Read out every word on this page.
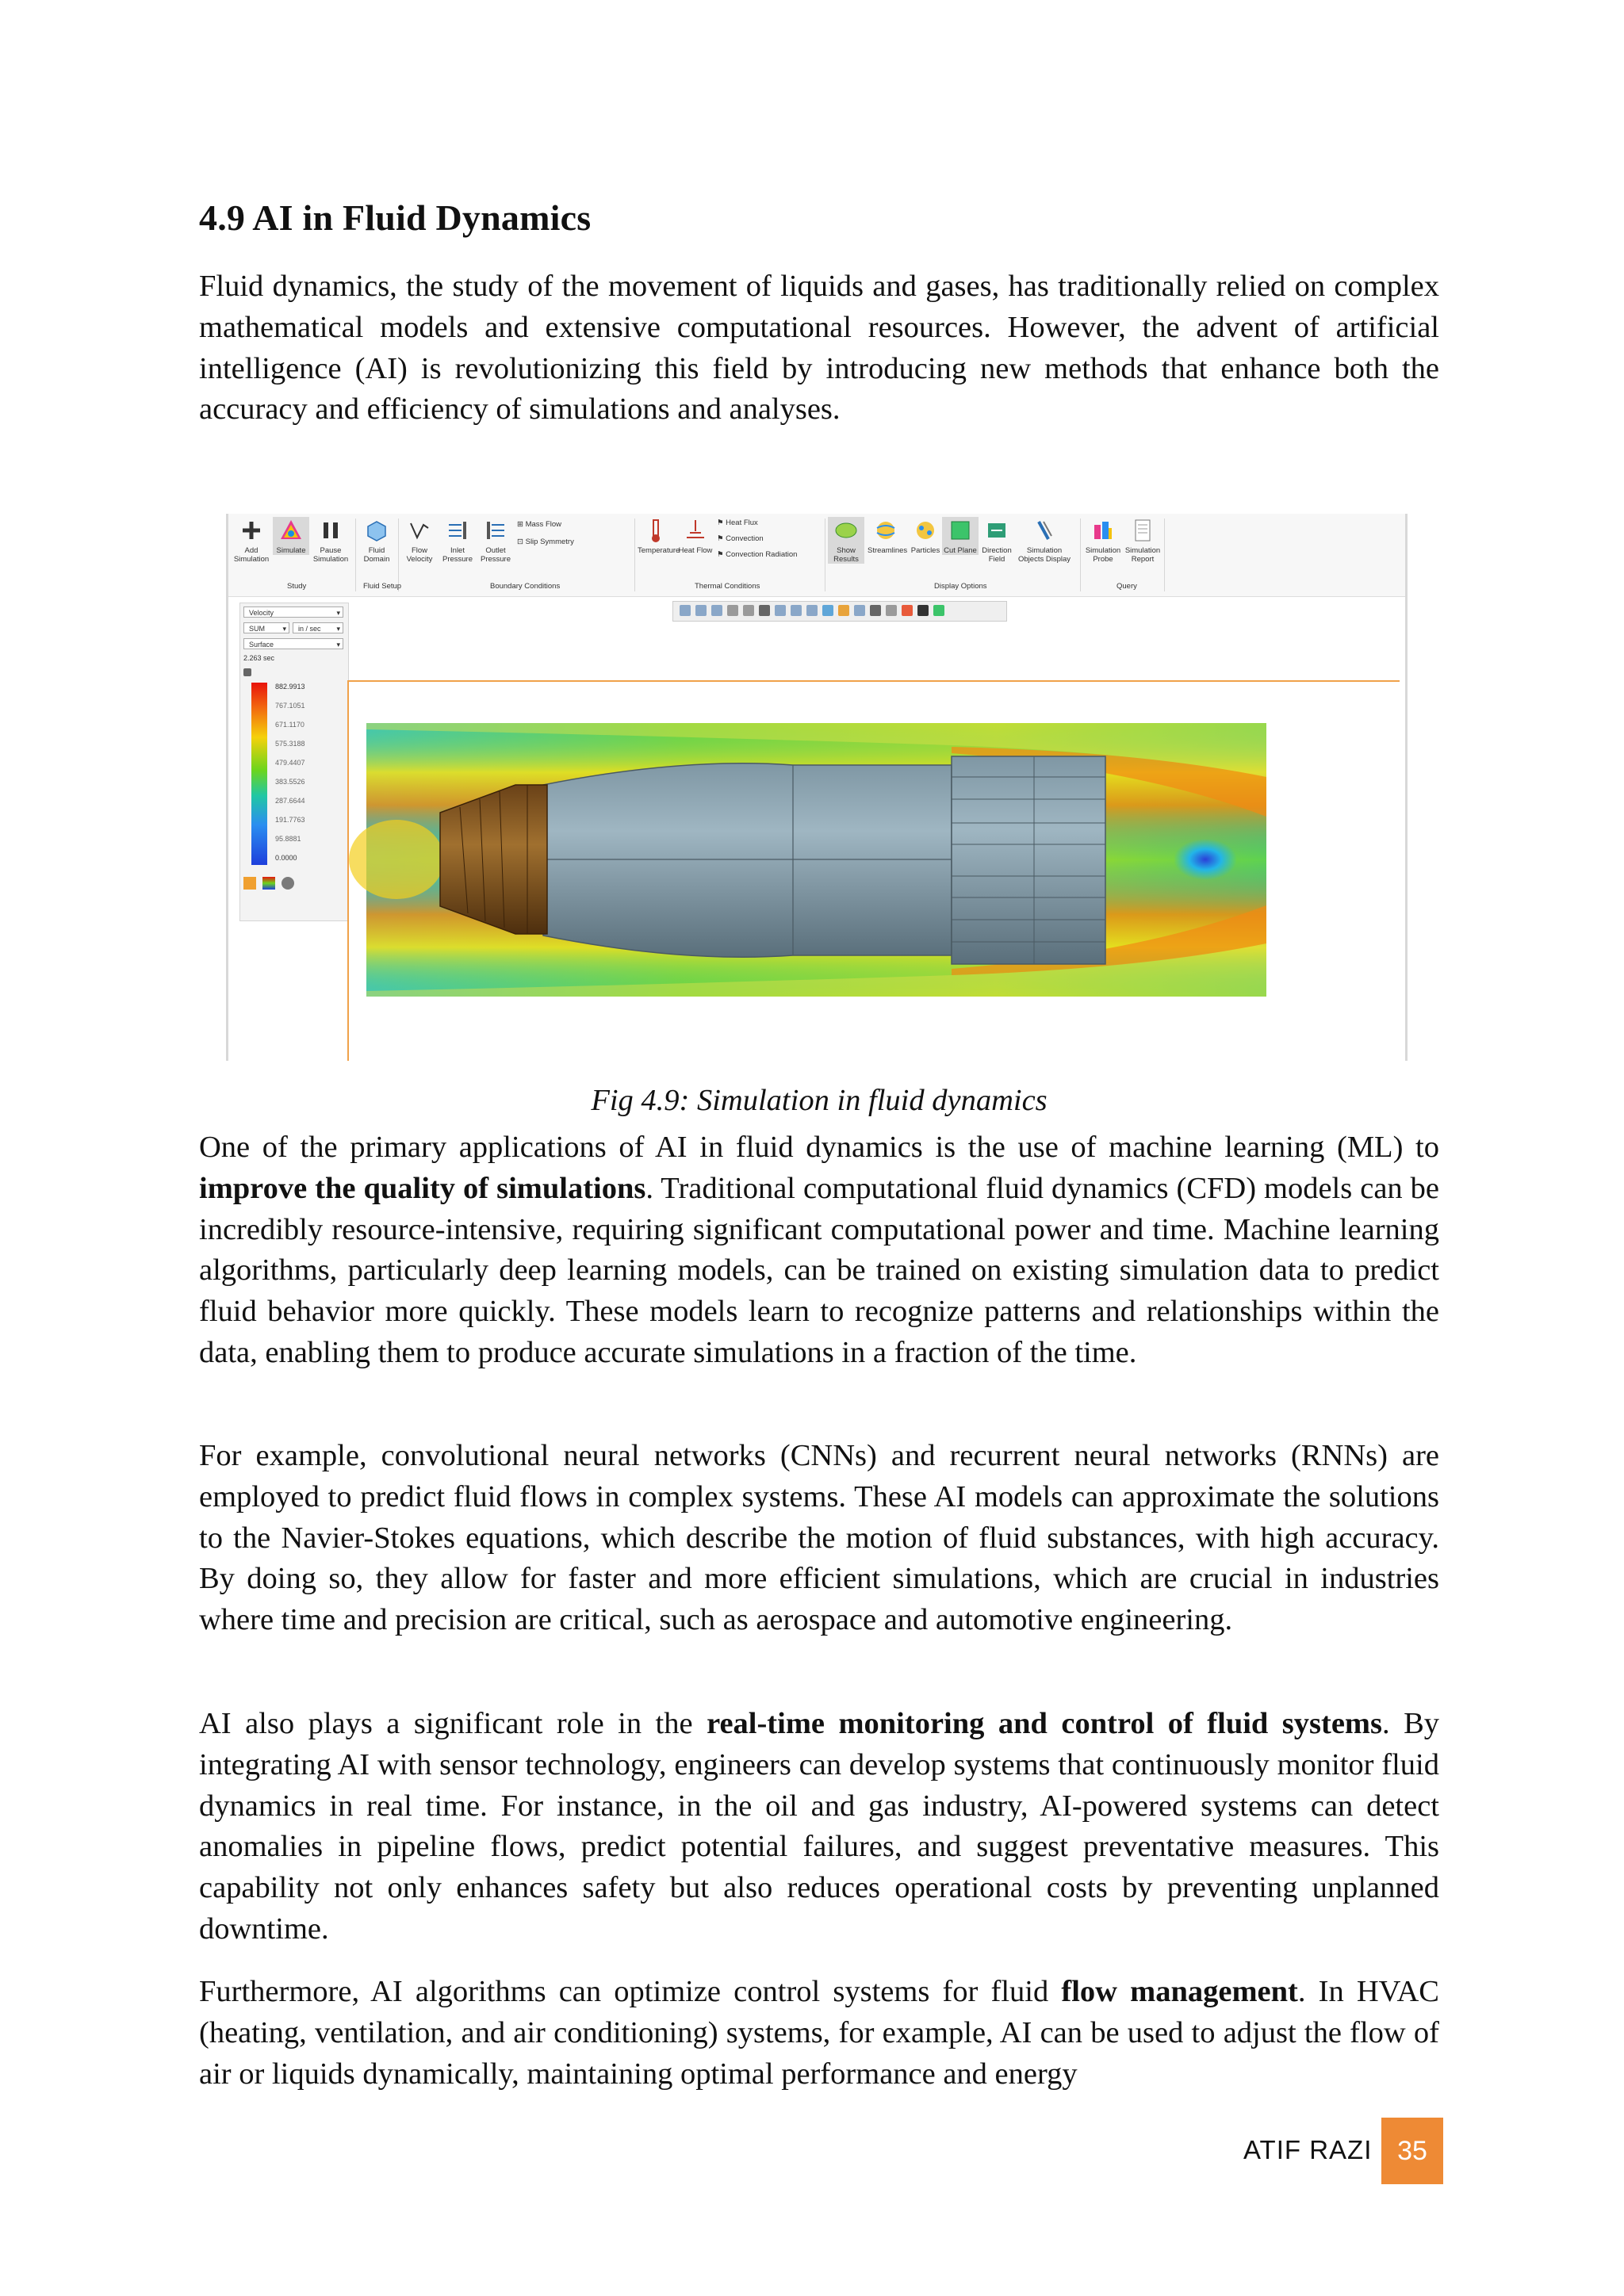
4.9 AI in Fluid Dynamics

Fluid dynamics, the study of the movement of liquids and gases, has traditionally relied on complex mathematical models and extensive computational resources. However, the advent of artificial intelligence (AI) is revolutionizing this field by introducing new methods that enhance both the accuracy and efficiency of simulations and analyses.

Add Simulation
Simulate	Pause Simulation
Fluid Domain
Flow Velocity
Inlet Pressure
Outlet Pressure
⊞ Mass Flow
⊡ Slip Symmetry
Temperature
Heat Flow
⚑ Heat Flux
⚑ Convection
⚑ Convection Radiation	Show Results
Streamlines Particles Cut Plane Direction Field
Simulation Objects Display
Simulation Probe
Simulation Report
Study	Fluid Setup	Boundary Conditions	Thermal Conditions	Display Options	Query
Velocity ▾
SUM ▾	in / sec ▾
Surface ▾
2.263 sec
882.9913
767.1051
671.1170
575.3188
479.4407
383.5526
287.6644
191.7763
95.8881
0.0000
Fig 4.9: Simulation in fluid dynamics

One of the primary applications of AI in fluid dynamics is the use of machine learning (ML) to improve the quality of simulations. Traditional computational fluid dynamics (CFD) models can be incredibly resource-intensive, requiring significant computational power and time. Machine learning algorithms, particularly deep learning models, can be trained on existing simulation data to predict fluid behavior more quickly. These models learn to recognize patterns and relationships within the data, enabling them to produce accurate simulations in a fraction of the time.

For example, convolutional neural networks (CNNs) and recurrent neural networks (RNNs) are employed to predict fluid flows in complex systems. These AI models can approximate the solutions to the Navier-Stokes equations, which describe the motion of fluid substances, with high accuracy. By doing so, they allow for faster and more efficient simulations, which are crucial in industries where time and precision are critical, such as aerospace and automotive engineering.

AI also plays a significant role in the real-time monitoring and control of fluid systems. By integrating AI with sensor technology, engineers can develop systems that continuously monitor fluid dynamics in real time. For instance, in the oil and gas industry, AI-powered systems can detect anomalies in pipeline flows, predict potential failures, and suggest preventative measures. This capability not only enhances safety but also reduces operational costs by preventing unplanned downtime.

Furthermore, AI algorithms can optimize control systems for fluid flow management. In HVAC (heating, ventilation, and air conditioning) systems, for example, AI can be used to adjust the flow of air or liquids dynamically, maintaining optimal performance and energy

ATIF RAZI 35
